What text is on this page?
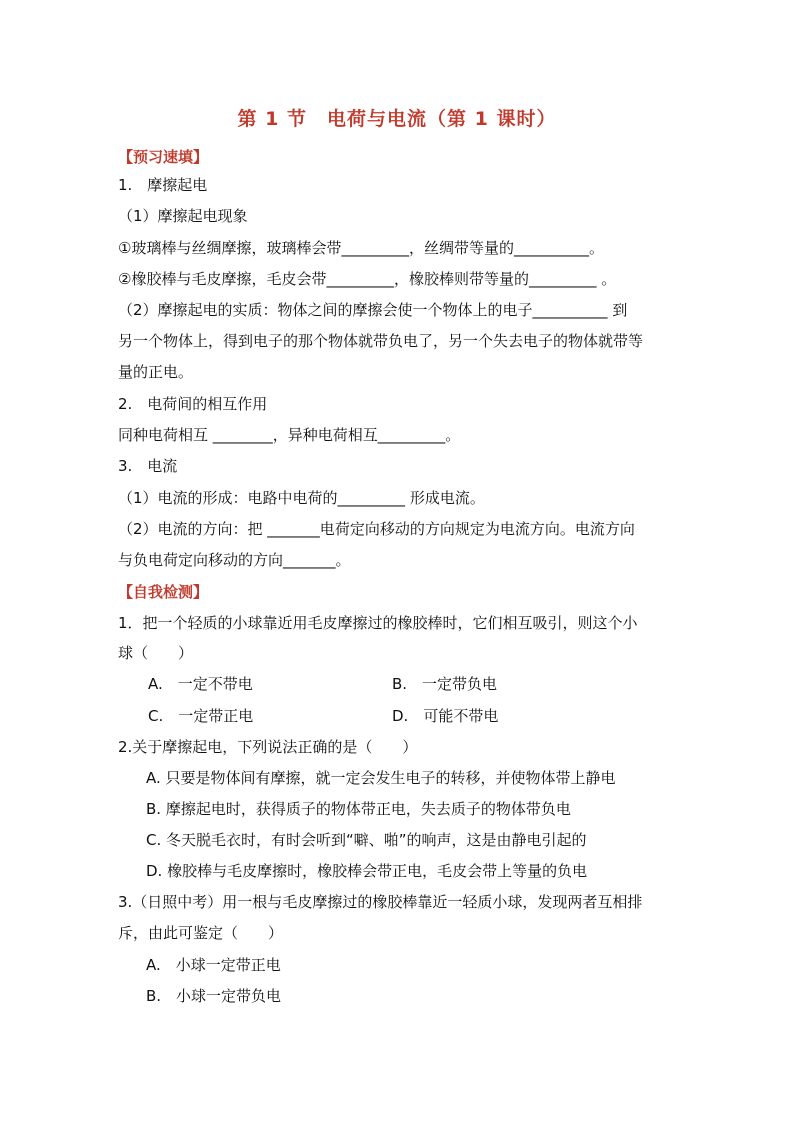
第 1 节　电荷与电流（第 1 课时）
【预习速填】
1.　摩擦起电
（1）摩擦起电现象
①玻璃棒与丝绸摩擦，玻璃棒会带_________，丝绸带等量的__________。
②橡胶棒与毛皮摩擦，毛皮会带_________，橡胶棒则带等量的_________ 。
（2）摩擦起电的实质：物体之间的摩擦会使一个物体上的电子__________ 到
另一个物体上，得到电子的那个物体就带负电了，另一个失去电子的物体就带等
量的正电。
2.　电荷间的相互作用
同种电荷相互 ________，异种电荷相互_________。
3.　电流
（1）电流的形成：电路中电荷的_________ 形成电流。
（2）电流的方向：把 _______电荷定向移动的方向规定为电流方向。电流方向
与负电荷定向移动的方向_______。
【自我检测】
1．把一个轻质的小球靠近用毛皮摩擦过的橡胶棒时，它们相互吸引，则这个小
球（　　）
A.　一定不带电	B.　一定带负电
C.　一定带正电	D.　可能不带电
2.关于摩擦起电，下列说法正确的是（　　）
A. 只要是物体间有摩擦，就一定会发生电子的转移，并使物体带上静电
B. 摩擦起电时，获得质子的物体带正电，失去质子的物体带负电
C. 冬天脱毛衣时，有时会听到“噼、啪”的响声，这是由静电引起的
D. 橡胶棒与毛皮摩擦时，橡胶棒会带正电，毛皮会带上等量的负电
3.（日照中考）用一根与毛皮摩擦过的橡胶棒靠近一轻质小球，发现两者互相排
斥，由此可鉴定（　　）
A.　小球一定带正电
B.　小球一定带负电
